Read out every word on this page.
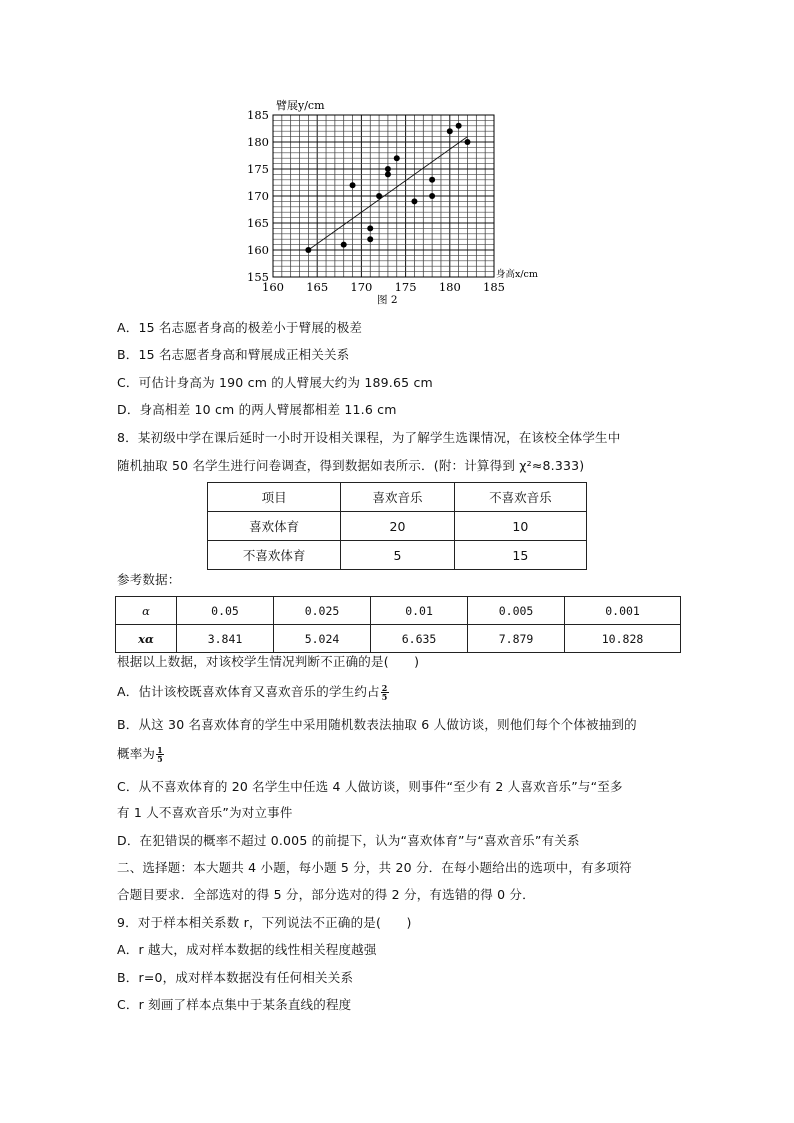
160 165 170 175 180 185
155
160
165
170
175
180
185
臂展y/cm
身高x/cm
图 2
A．15 名志愿者身高的极差小于臂展的极差
B．15 名志愿者身高和臂展成正相关关系
C．可估计身高为 190 cm 的人臂展大约为 189.65 cm
D．身高相差 10 cm 的两人臂展都相差 11.6 cm
8．某初级中学在课后延时一小时开设相关课程，为了解学生选课情况，在该校全体学生中
随机抽取 50 名学生进行问卷调查，得到数据如表所示．(附：计算得到 χ²≈8.333)
项目	喜欢音乐	不喜欢音乐
喜欢体育	20	10
不喜欢体育	5	15
参考数据：
α	0.05	0.025	0.01	0.005	0.001
xα	3.841	5.024	6.635	7.879	10.828
根据以上数据，对该校学生情况判断不正确的是(　　)
A．估计该校既喜欢体育又喜欢音乐的学生约占 $\frac{2}{5}$
B．从这 30 名喜欢体育的学生中采用随机数表法抽取 6 人做访谈，则他们每个个体被抽到的
概率为 $\frac{1}{5}$
C．从不喜欢体育的 20 名学生中任选 4 人做访谈，则事件“至少有 2 人喜欢音乐”与“至多
有 1 人不喜欢音乐”为对立事件
D．在犯错误的概率不超过 0.005 的前提下，认为“喜欢体育”与“喜欢音乐”有关系
二、选择题：本大题共 4 小题，每小题 5 分，共 20 分．在每小题给出的选项中，有多项符
合题目要求．全部选对的得 5 分，部分选对的得 2 分，有选错的得 0 分．
9．对于样本相关系数 r，下列说法不正确的是(　　)
A．r 越大，成对样本数据的线性相关程度越强
B．r=0，成对样本数据没有任何相关关系
C．r 刻画了样本点集中于某条直线的程度
